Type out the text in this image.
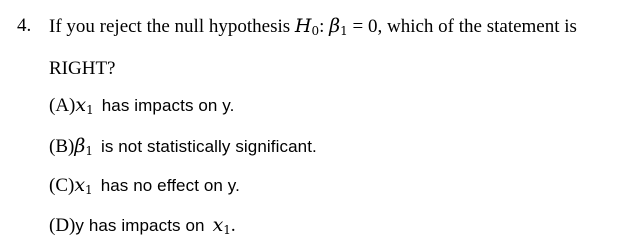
4. If you reject the null hypothesis $H_0$: $\beta_1 = 0$, which of the statement is
RIGHT?
$(A)x_1$ has impacts on y.
$(B)\beta_1$ is not statistically significant.
$(C)x_1$ has no effect on y.
(D)y has impacts on $x_1$.
